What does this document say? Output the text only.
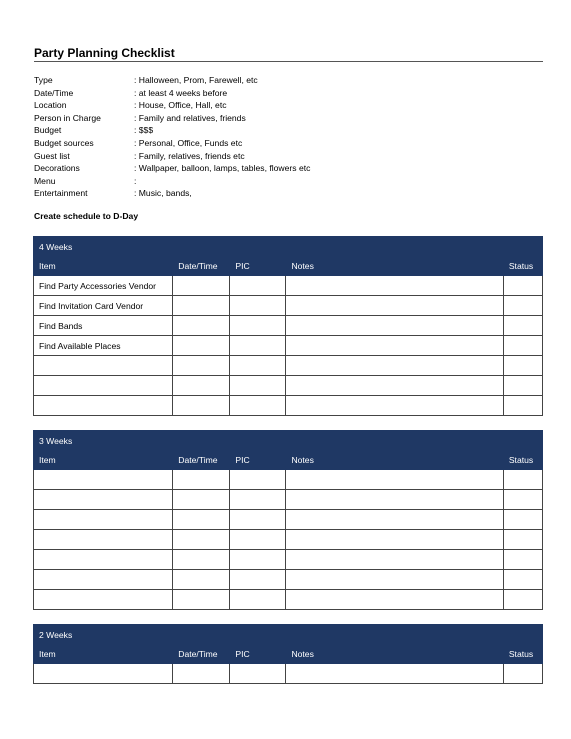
Party Planning Checklist
Type	: Halloween, Prom, Farewell, etc
Date/Time	: at least 4 weeks before
Location	: House, Office, Hall, etc
Person in Charge	: Family and relatives, friends
Budget	: $$$
Budget sources	: Personal, Office, Funds etc
Guest list	: Family, relatives, friends etc
Decorations	: Wallpaper, balloon, lamps, tables, flowers etc
Menu	:
Entertainment	: Music, bands,
Create schedule to D-Day
4 Weeks				
Item	Date/Time	PIC	Notes	Status
Find Party Accessories Vendor				
Find Invitation Card Vendor				
Find Bands				
Find Available Places				

3 Weeks				
Item	Date/Time	PIC	Notes	Status

2 Weeks				
Item	Date/Time	PIC	Notes	Status
